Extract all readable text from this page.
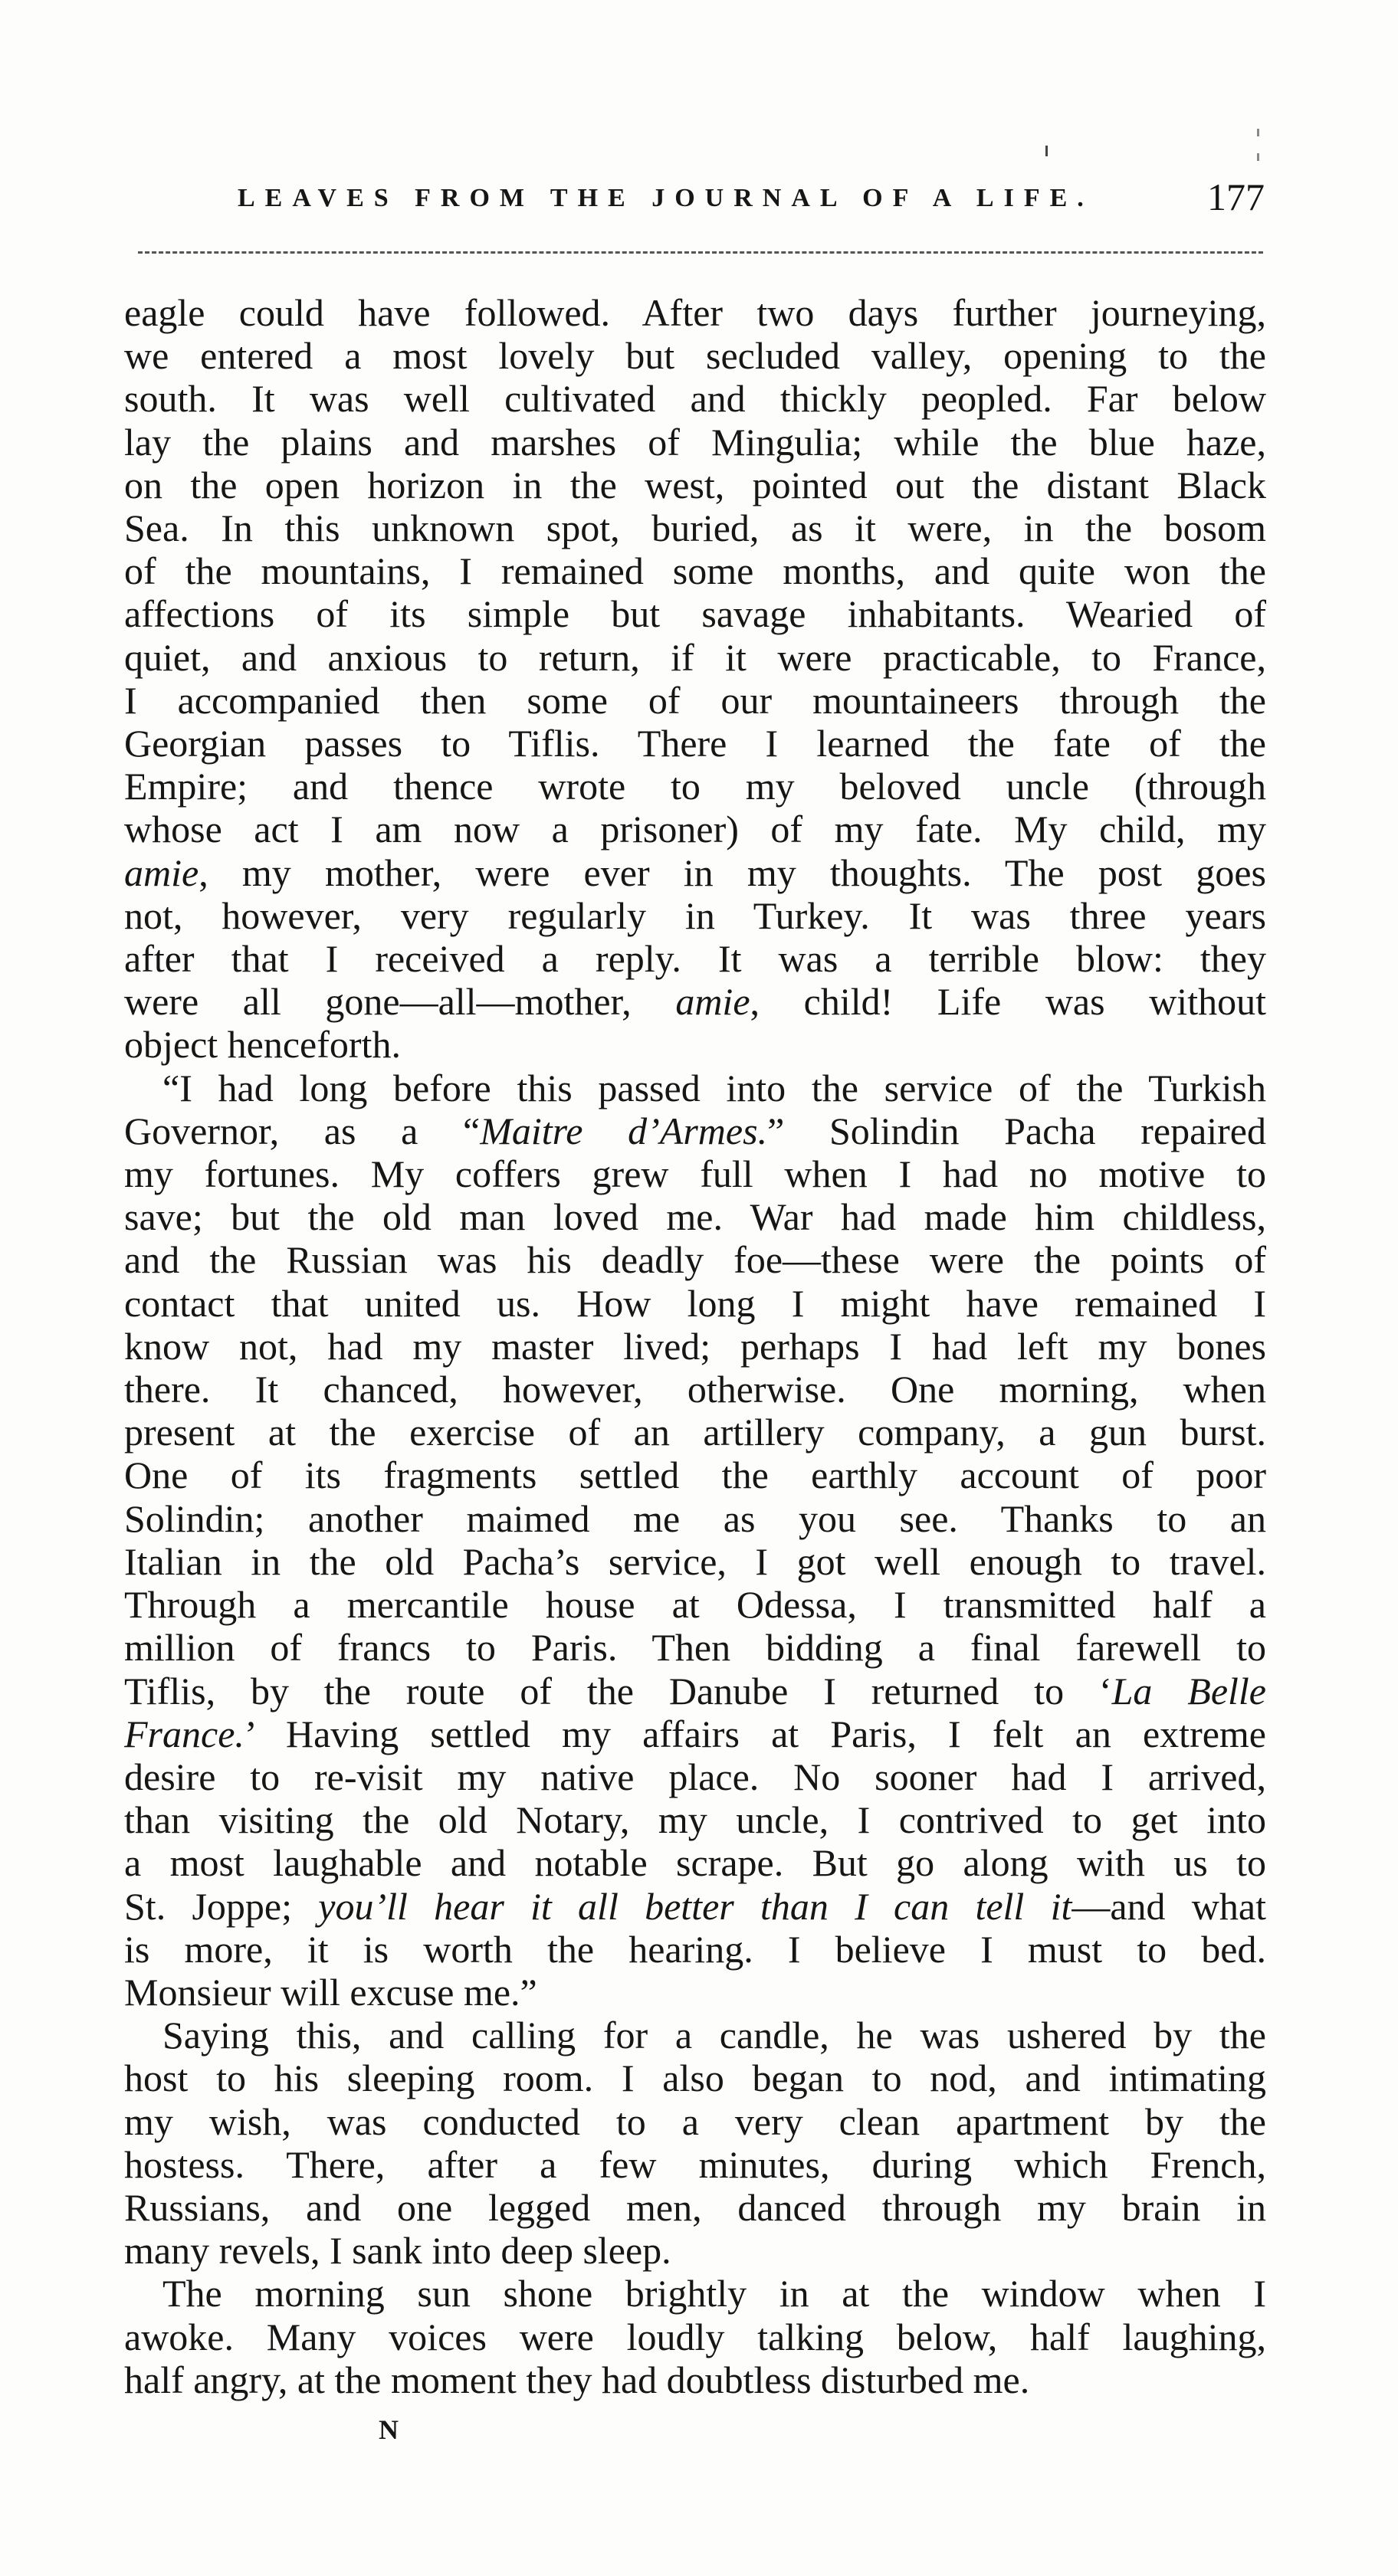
LEAVES FROM THE JOURNAL OF A LIFE.	177
eagle could have followed. After two days further journeying,
we entered a most lovely but secluded valley, opening to the
south. It was well cultivated and thickly peopled. Far below
lay the plains and marshes of Mingulia; while the blue haze,
on the open horizon in the west, pointed out the distant Black
Sea. In this unknown spot, buried, as it were, in the bosom
of the mountains, I remained some months, and quite won the
affections of its simple but savage inhabitants. Wearied of
quiet, and anxious to return, if it were practicable, to France,
I accompanied then some of our mountaineers through the
Georgian passes to Tiflis. There I learned the fate of the
Empire; and thence wrote to my beloved uncle (through
whose act I am now a prisoner) of my fate. My child, my
amie, my mother, were ever in my thoughts. The post goes
not, however, very regularly in Turkey. It was three years
after that I received a reply. It was a terrible blow: they
were all gone—all—mother, amie, child! Life was without
object henceforth.
“I had long before this passed into the service of the Turkish
Governor, as a “Maitre d’Armes.” Solindin Pacha repaired
my fortunes. My coffers grew full when I had no motive to
save; but the old man loved me. War had made him childless,
and the Russian was his deadly foe—these were the points of
contact that united us. How long I might have remained I
know not, had my master lived; perhaps I had left my bones
there. It chanced, however, otherwise. One morning, when
present at the exercise of an artillery company, a gun burst.
One of its fragments settled the earthly account of poor
Solindin; another maimed me as you see. Thanks to an
Italian in the old Pacha’s service, I got well enough to travel.
Through a mercantile house at Odessa, I transmitted half a
million of francs to Paris. Then bidding a final farewell to
Tiflis, by the route of the Danube I returned to ‘La Belle
France.’ Having settled my affairs at Paris, I felt an extreme
desire to re-visit my native place. No sooner had I arrived,
than visiting the old Notary, my uncle, I contrived to get into
a most laughable and notable scrape. But go along with us to
St. Joppe; you’ll hear it all better than I can tell it—and what
is more, it is worth the hearing. I believe I must to bed.
Monsieur will excuse me.”
Saying this, and calling for a candle, he was ushered by the
host to his sleeping room. I also began to nod, and intimating
my wish, was conducted to a very clean apartment by the
hostess. There, after a few minutes, during which French,
Russians, and one legged men, danced through my brain in
many revels, I sank into deep sleep.
The morning sun shone brightly in at the window when I
awoke. Many voices were loudly talking below, half laughing,
half angry, at the moment they had doubtless disturbed me.
N
